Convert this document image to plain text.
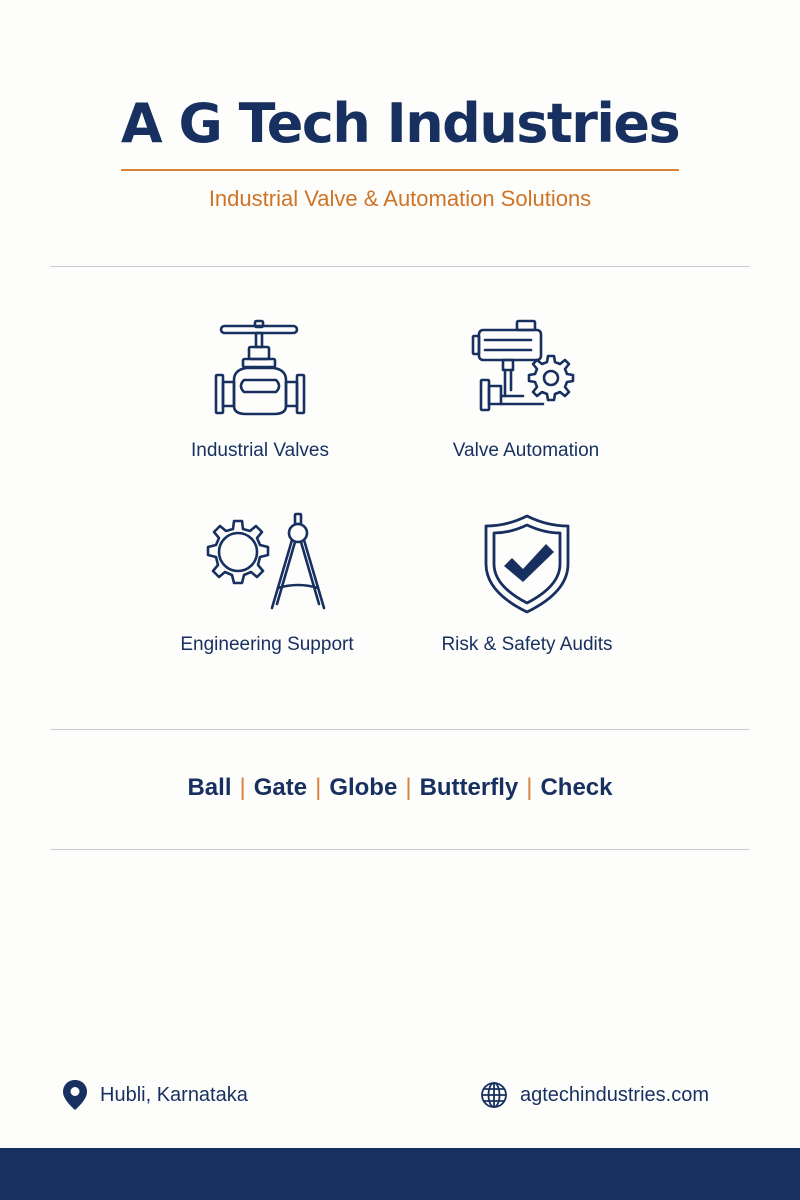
A G Tech Industries
Industrial Valve & Automation Solutions
Industrial Valves	Valve Automation
Engineering Support	Risk & Safety Audits
Ball | Gate | Globe | Butterfly | Check
Hubli, Karnataka	agtechindustries.com
